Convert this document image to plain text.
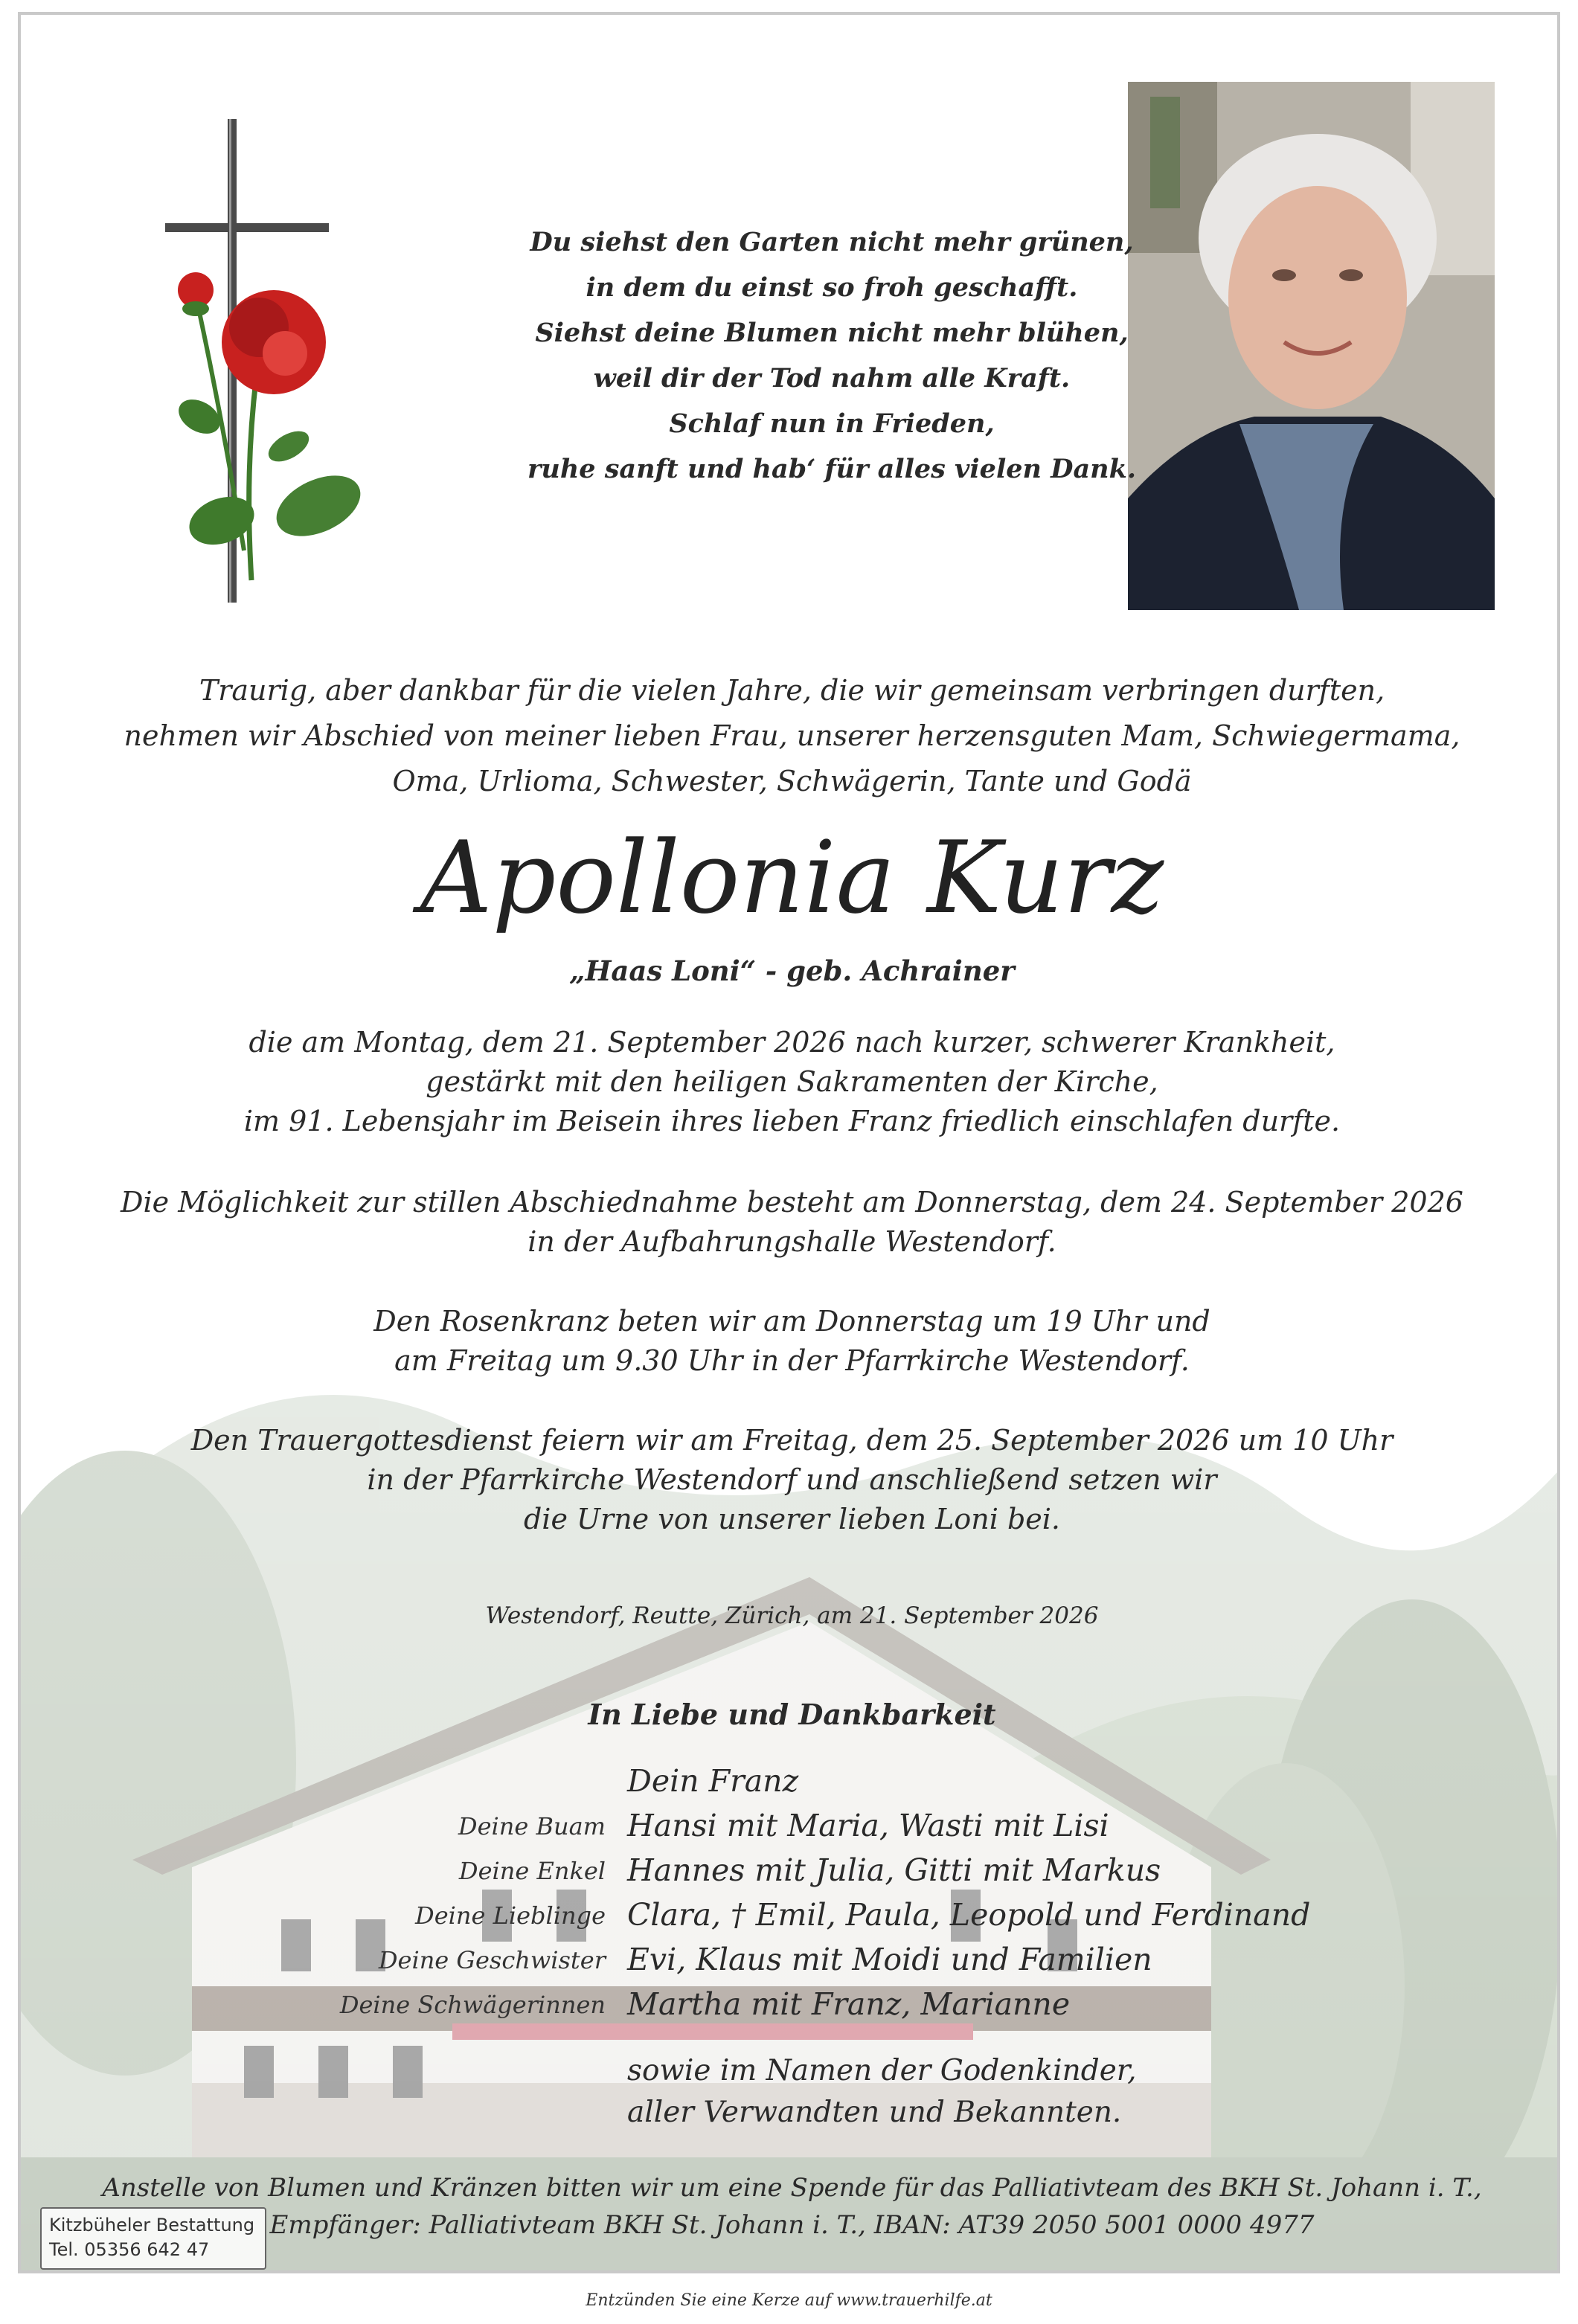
Du siehst den Garten nicht mehr grünen,
in dem du einst so froh geschafft.
Siehst deine Blumen nicht mehr blühen,
weil dir der Tod nahm alle Kraft.
Schlaf nun in Frieden,
ruhe sanft und hab‘ für alles vielen Dank.
Traurig, aber dankbar für die vielen Jahre, die wir gemeinsam verbringen durften,
nehmen wir Abschied von meiner lieben Frau, unserer herzensguten Mam, Schwiegermama,
Oma, Urlioma, Schwester, Schwägerin, Tante und Godä
Apollonia Kurz
„Haas Loni“ - geb. Achrainer
die am Montag, dem 21. September 2026 nach kurzer, schwerer Krankheit,
gestärkt mit den heiligen Sakramenten der Kirche,
im 91. Lebensjahr im Beisein ihres lieben Franz friedlich einschlafen durfte.
Die Möglichkeit zur stillen Abschiednahme besteht am Donnerstag, dem 24. September 2026
in der Aufbahrungshalle Westendorf.
Den Rosenkranz beten wir am Donnerstag um 19 Uhr und
am Freitag um 9.30 Uhr in der Pfarrkirche Westendorf.
Den Trauergottesdienst feiern wir am Freitag, dem 25. September 2026 um 10 Uhr
in der Pfarrkirche Westendorf und anschließend setzen wir
die Urne von unserer lieben Loni bei.
Westendorf, Reutte, Zürich, am 21. September 2026
In Liebe und Dankbarkeit
Dein Franz
Deine Buam Hansi mit Maria, Wasti mit Lisi
Deine Enkel Hannes mit Julia, Gitti mit Markus
Deine Lieblinge Clara, † Emil, Paula, Leopold und Ferdinand
Deine Geschwister Evi, Klaus mit Moidi und Familien
Deine Schwägerinnen Martha mit Franz, Marianne
sowie im Namen der Godenkinder,
aller Verwandten und Bekannten.
Anstelle von Blumen und Kränzen bitten wir um eine Spende für das Palliativteam des BKH St. Johann i. T.,
Empfänger: Palliativteam BKH St. Johann i. T., IBAN: AT39 2050 5001 0000 4977
Kitzbüheler Bestattung
Tel. 05356 642 47
Entzünden Sie eine Kerze auf www.trauerhilfe.at
